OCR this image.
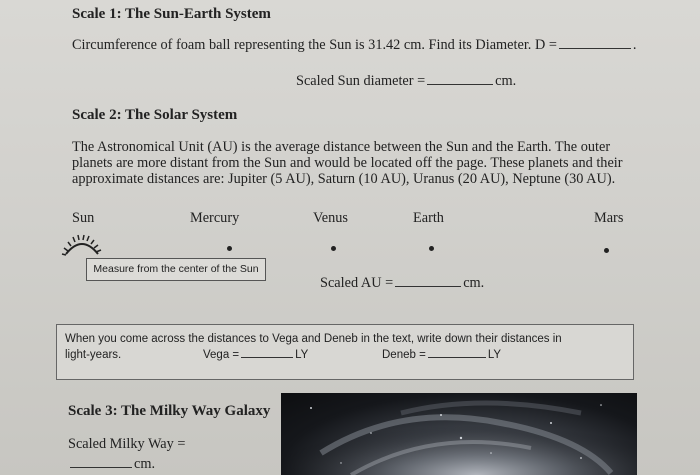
Scale 1: The Sun-Earth System
Circumference of foam ball representing the Sun is 31.42 cm. Find its Diameter. D =	.
Scaled Sun diameter =	cm.
Scale 2: The Solar System
The Astronomical Unit (AU) is the average distance between the Sun and the Earth. The outer planets are more distant from the Sun and would be located off the page. These planets and their approximate distances are: Jupiter (5 AU), Saturn (10 AU), Uranus (20 AU), Neptune (30 AU).
Sun	Mercury	Venus	Earth	Mars
Measure from the center of the Sun
Scaled AU =	cm.
When you come across the distances to Vega and Deneb in the text, write down their distances in
light-years.	Vega =	LY	Deneb =	LY
Scale 3: The Milky Way Galaxy
Scaled Milky Way =
cm.
